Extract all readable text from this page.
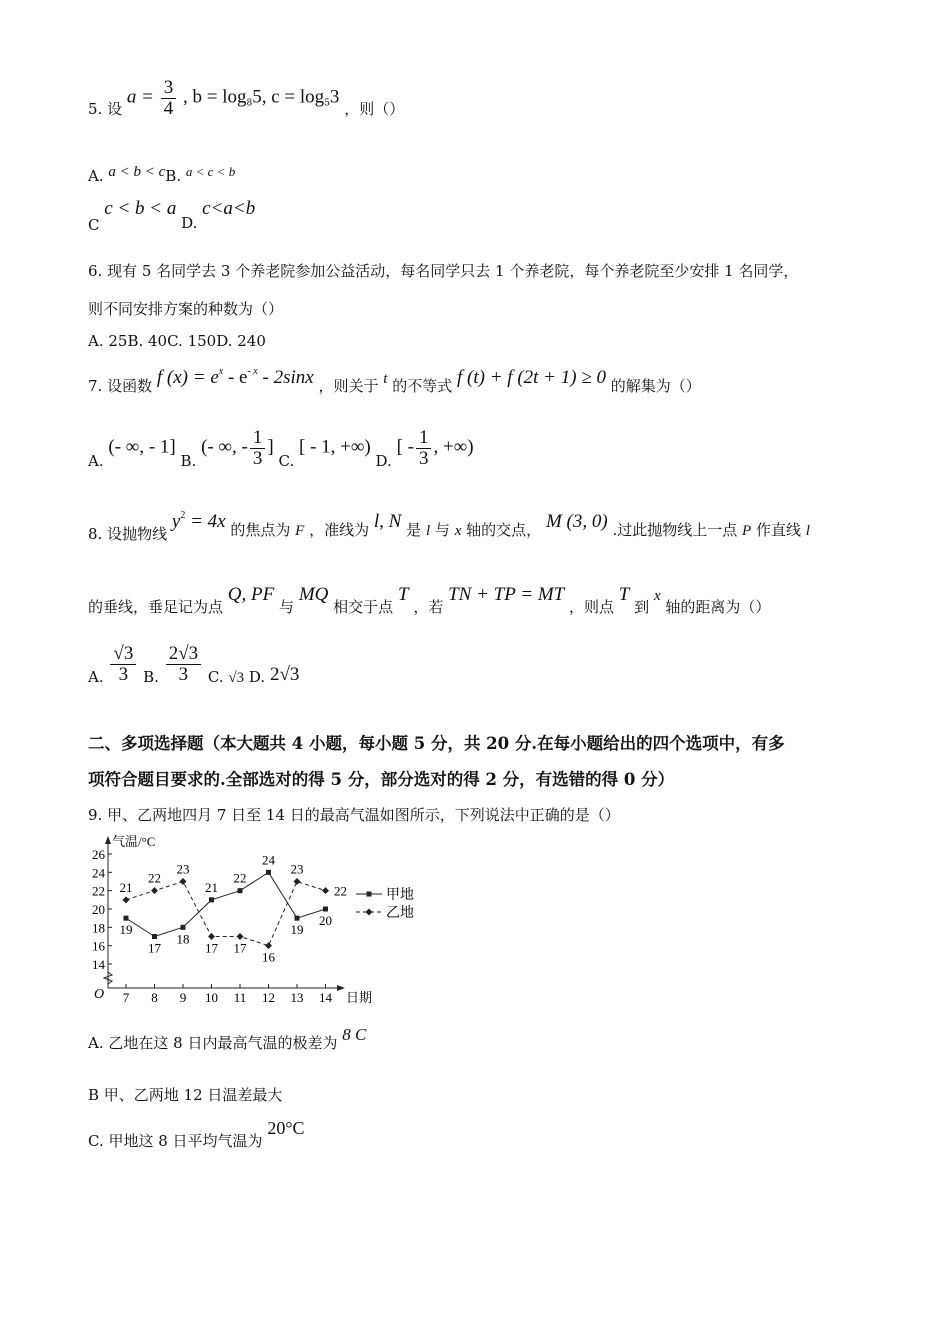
5. 设 $a = \frac{3}{4}$ , $b = \log_85$, $c = \log_53$ ，则（）
A. a < b < cB. a < c < b
C c < b < a D. c<a<b
6. 现有 5 名同学去 3 个养老院参加公益活动，每名同学只去 1 个养老院，每个养老院至少安排 1 名同学，
则不同安排方案的种数为（）
A. 25B. 40C. 150D. 240
7. 设函数 f $(x) = e^x - e^{- x} - 2\sin x$ ，则关于 t 的不等式 f (t) + f (2t + 1) ≥ 0 的解集为（）
A. (- ∞, - 1] B. (- ∞, - $\frac{1}{3}$ ] C. [ - 1, +∞) D. [ - $\frac{1}{3}$ , +∞)
8. 设抛物线 $y^2 = 4x$ 的焦点为 F ，准线为 l, N 是 l 与 x 轴的交点， M (3, 0) .过此抛物线上一点 P 作直线 l
的垂线，垂足记为点 Q, PF 与 MQ 相交于点 T ，若 TN + TP = MT ，则点 T 到 x 轴的距离为（）
A. $\frac{√3}{3} B$. $\frac{2√3}{3} C$. √3 D. 2√3
二、多项选择题（本大题共 4 小题，每小题 5 分，共 20 分.在每小题给出的四个选项中，有多
项符合题目要求的.全部选对的得 5 分，部分选对的得 2 分，有选错的得 0 分）
9. 甲、乙两地四月 7 日至 14 日的最高气温如图所示，下列说法中正确的是（）
气温/°C
14
16
18
20
22
24
26
O 7 8 9 10 11 12 13 14 日期
19
17
18
21
22
24
19
20
21
22
23
17 17
16
23
22	甲地
乙地
A. 乙地在这 8 日内最高气温的极差为 8 C
B 甲、乙两地 12 日温差最大
C. 甲地这 8 日平均气温为 20°C
